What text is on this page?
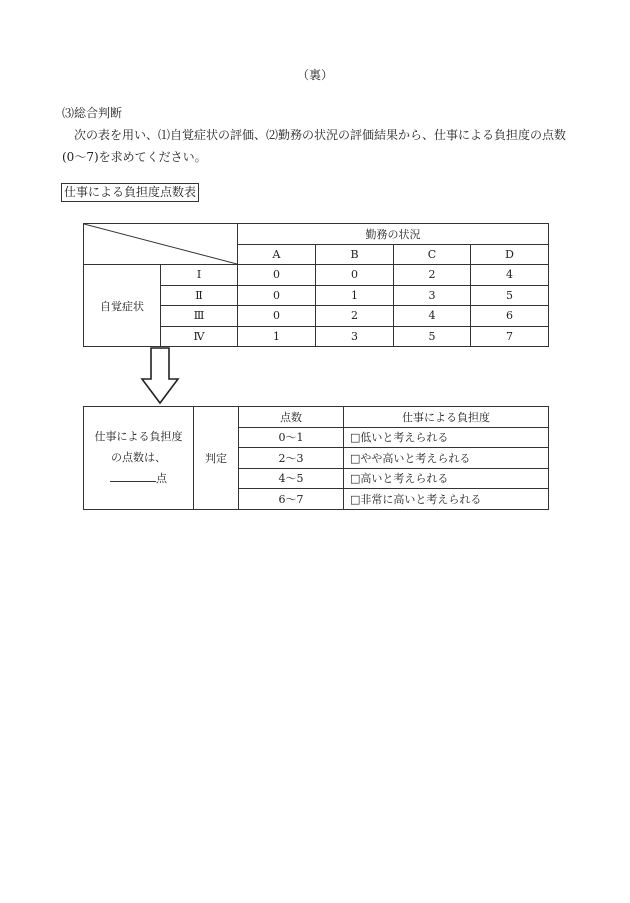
（裏）
⑶総合判断
次の表を用い、⑴自覚症状の評価、⑵勤務の状況の評価結果から、仕事による負担度の点数(0～7)を求めてください。
仕事による負担度点数表
	勤務の状況			
		A	B	C	D
自覚症状	Ⅰ	0	0	2	4
	Ⅱ	0	1	3	5
	Ⅲ	0	2	4	6
	Ⅳ	1	3	5	7
仕事による負担度
の点数は、
点	判定	点数	仕事による負担度
		0～1	□低いと考えられる
		2～3	□やや高いと考えられる
		4～5	□高いと考えられる
		6～7	□非常に高いと考えられる
